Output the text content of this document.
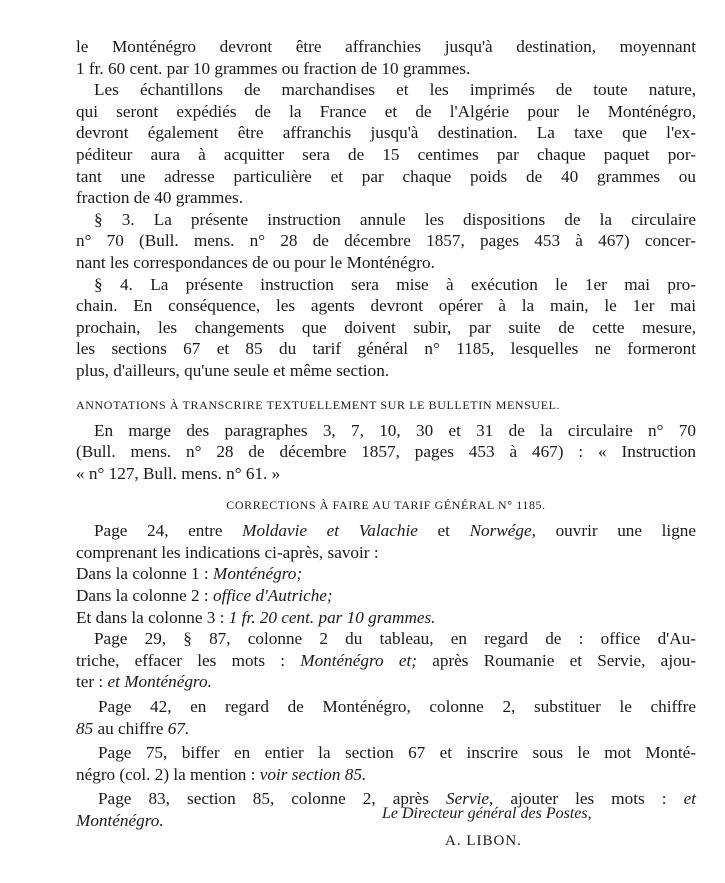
le Monténégro devront être affranchies jusqu'à destination, moyennant
1 fr. 60 cent. par 10 grammes ou fraction de 10 grammes.
Les échantillons de marchandises et les imprimés de toute nature,
qui seront expédiés de la France et de l'Algérie pour le Monténégro,
devront également être affranchis jusqu'à destination. La taxe que l'ex-
péditeur aura à acquitter sera de 15 centimes par chaque paquet por-
tant une adresse particulière et par chaque poids de 40 grammes ou
fraction de 40 grammes.
§ 3. La présente instruction annule les dispositions de la circulaire
n° 70 (Bull. mens. n° 28 de décembre 1857, pages 453 à 467) concer-
nant les correspondances de ou pour le Monténégro.
§ 4. La présente instruction sera mise à exécution le 1er mai pro-
chain. En conséquence, les agents devront opérer à la main, le 1er mai
prochain, les changements que doivent subir, par suite de cette mesure,
les sections 67 et 85 du tarif général n° 1185, lesquelles ne formeront
plus, d'ailleurs, qu'une seule et même section.
ANNOTATIONS À TRANSCRIRE TEXTUELLEMENT SUR LE BULLETIN MENSUEL.
En marge des paragraphes 3, 7, 10, 30 et 31 de la circulaire n° 70
(Bull. mens. n° 28 de décembre 1857, pages 453 à 467) : « Instruction
« n° 127, Bull. mens. n° 61. »
CORRECTIONS À FAIRE AU TARIF GÉNÉRAL N° 1185.
Page 24, entre Moldavie et Valachie et Norwége, ouvrir une ligne
comprenant les indications ci-après, savoir :
Dans la colonne 1 : Monténégro;
Dans la colonne 2 : office d'Autriche;
Et dans la colonne 3 : 1 fr. 20 cent. par 10 grammes.
Page 29, § 87, colonne 2 du tableau, en regard de : office d'Au-
triche, effacer les mots : Monténégro et; après Roumanie et Servie, ajou-
ter : et Monténégro.
Page 42, en regard de Monténégro, colonne 2, substituer le chiffre
85 au chiffre 67.
Page 75, biffer en entier la section 67 et inscrire sous le mot Monté-
négro (col. 2) la mention : voir section 85.
Page 83, section 85, colonne 2, après Servie, ajouter les mots : et
Monténégro.	Le Directeur général des Postes,
A. LIBON.
